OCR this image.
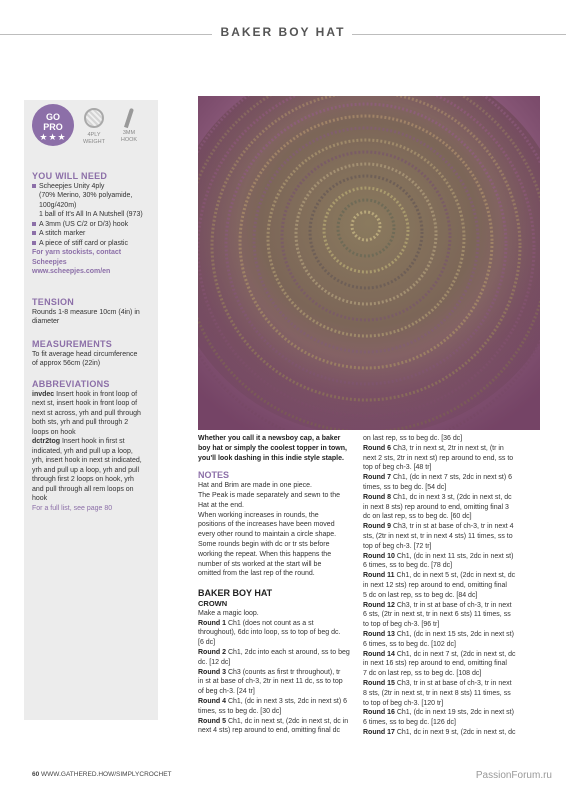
BAKER BOY HAT
GO
PRO
★★★	4PLY
WEIGHT
3MM
HOOK
YOU WILL NEED
Scheepjes Unity 4ply
(70% Merino, 30% polyamide,
100g/420m)
1 ball of It's All In A Nutshell (973)
A 3mm (US C/2 or D/3) hook
A stitch marker
A piece of stiff card or plastic
For yarn stockists, contact
Scheepjes
www.scheepjes.com/en
TENSION
Rounds 1-8 measure 10cm (4in) in
diameter
MEASUREMENTS
To fit average head circumference
of approx 56cm (22in)
ABBREVIATIONS
invdec Insert hook in front loop of
next st, insert hook in front loop of
next st across, yrh and pull through
both sts, yrh and pull through 2
loops on hook
dctr2tog Insert hook in first st
indicated, yrh and pull up a loop,
yrh, insert hook in next st indicated,
yrh and pull up a loop, yrh and pull
through first 2 loops on hook, yrh
and pull through all rem loops on
hook
For a full list, see page 80

Whether you call it a newsboy cap, a baker

boy hat or simply the coolest topper in town,

you'll look dashing in this indie style staple.

NOTES

Hat and Brim are made in one piece.

The Peak is made separately and sewn to the

Hat at the end.

When working increases in rounds, the

positions of the increases have been moved

every other round to maintain a circle shape.

Some rounds begin with dc or tr sts before

working the repeat. When this happens the

number of sts worked at the start will be

omitted from the last rep of the round.

BAKER BOY HAT

CROWN

Make a magic loop.

Round 1 Ch1 (does not count as a st

throughout), 6dc into loop, ss to top of beg dc.

[6 dc]

Round 2 Ch1, 2dc into each st around, ss to beg

dc. [12 dc]

Round 3 Ch3 (counts as first tr throughout), tr

in st at base of ch-3, 2tr in next 11 dc, ss to top

of beg ch-3. [24 tr]

Round 4 Ch1, (dc in next 3 sts, 2dc in next st) 6

times, ss to beg dc. [30 dc]

Round 5 Ch1, dc in next st, (2dc in next st, dc in

next 4 sts) rep around to end, omitting final dc

on last rep, ss to beg dc. [36 dc]

Round 6 Ch3, tr in next st, 2tr in next st, (tr in

next 2 sts, 2tr in next st) rep around to end, ss to

top of beg ch-3. [48 tr]

Round 7 Ch1, (dc in next 7 sts, 2dc in next st) 6

times, ss to beg dc. [54 dc]

Round 8 Ch1, dc in next 3 st, (2dc in next st, dc

in next 8 sts) rep around to end, omitting final 3

dc on last rep, ss to beg dc. [60 dc]

Round 9 Ch3, tr in st at base of ch-3, tr in next 4

sts, (2tr in next st, tr in next 4 sts) 11 times, ss to

top of beg ch-3. [72 tr]

Round 10 Ch1, (dc in next 11 sts, 2dc in next st)

6 times, ss to beg dc. [78 dc]

Round 11 Ch1, dc in next 5 st, (2dc in next st, dc

in next 12 sts) rep around to end, omitting final

5 dc on last rep, ss to beg dc. [84 dc]

Round 12 Ch3, tr in st at base of ch-3, tr in next

6 sts, (2tr in next st, tr in next 6 sts) 11 times, ss

to top of beg ch-3. [96 tr]

Round 13 Ch1, (dc in next 15 sts, 2dc in next st)

6 times, ss to beg dc. [102 dc]

Round 14 Ch1, dc in next 7 st, (2dc in next st, dc

in next 16 sts) rep around to end, omitting final

7 dc on last rep, ss to beg dc. [108 dc]

Round 15 Ch3, tr in st at base of ch-3, tr in next

8 sts, (2tr in next st, tr in next 8 sts) 11 times, ss

to top of beg ch-3. [120 tr]

Round 16 Ch1, (dc in next 19 sts, 2dc in next st)

6 times, ss to beg dc. [126 dc]

Round 17 Ch1, dc in next 9 st, (2dc in next st, dc

60 WWW.GATHERED.HOW/SIMPLYCROCHET	PassionForum.ru
